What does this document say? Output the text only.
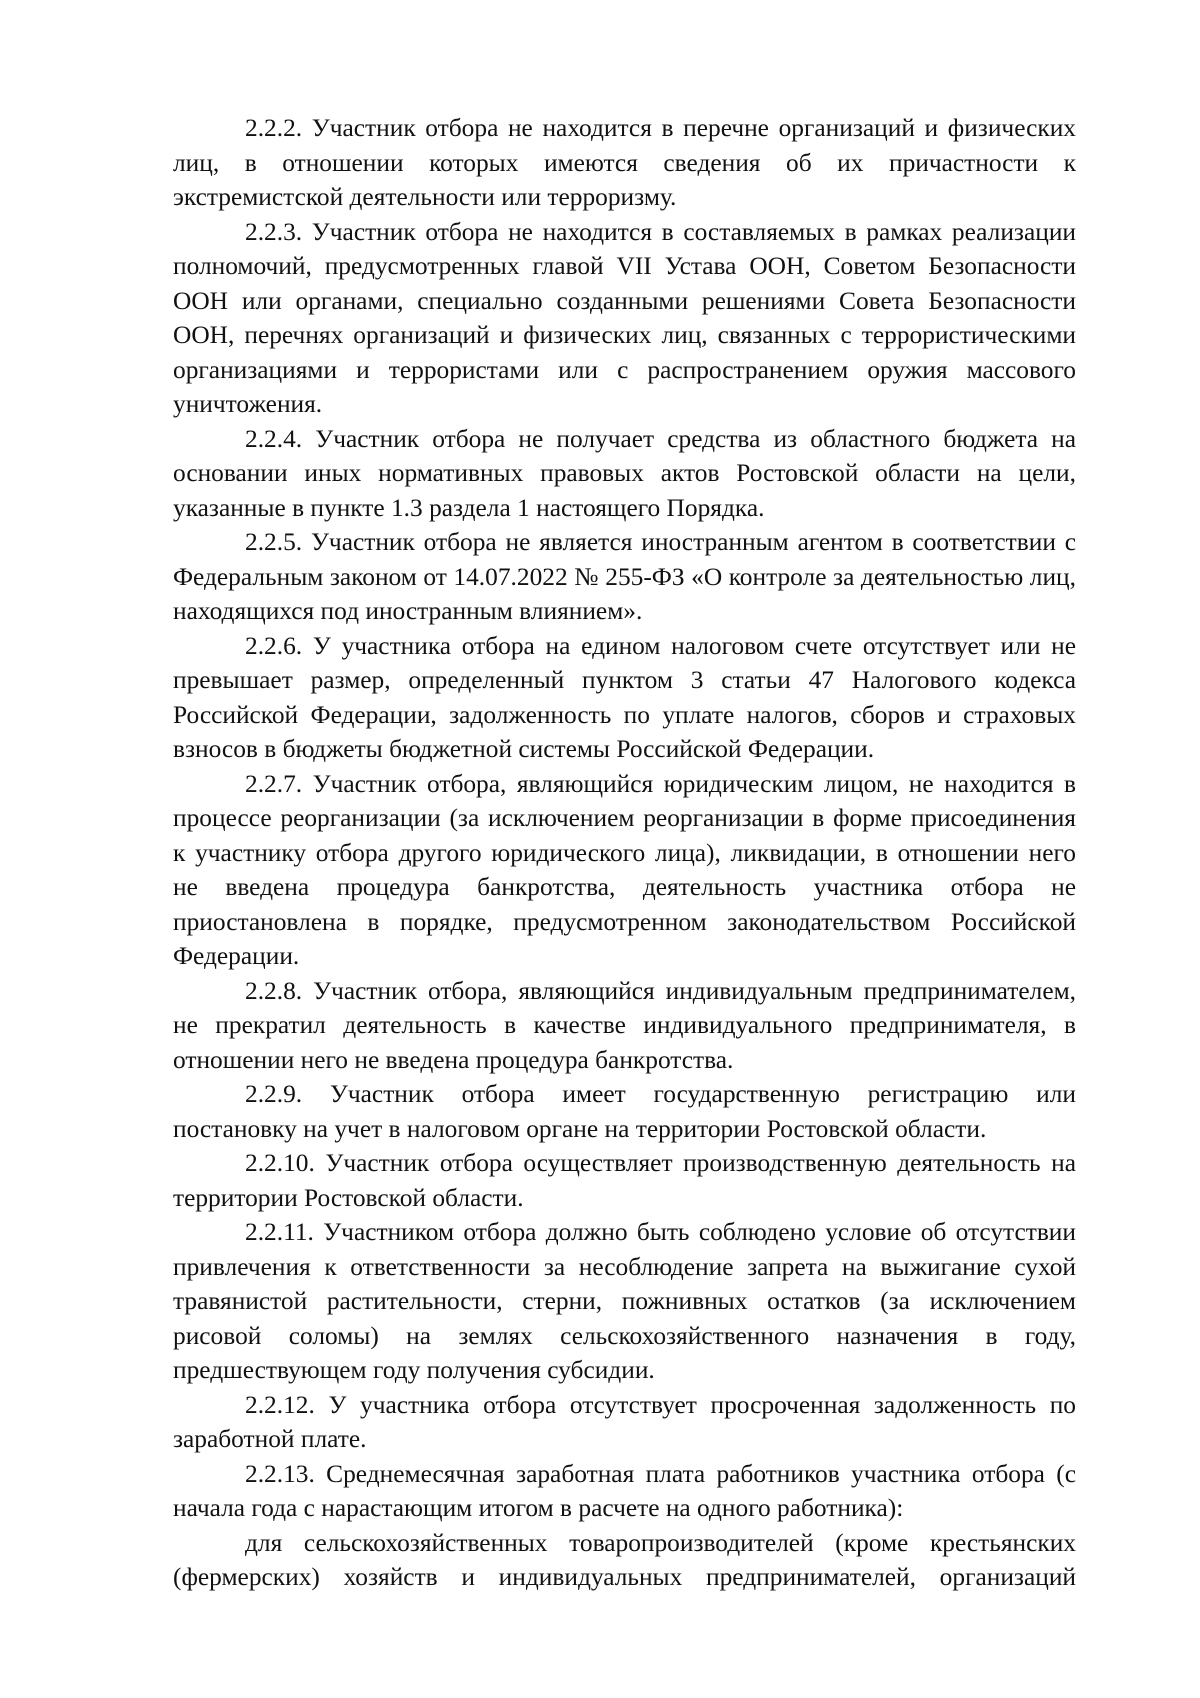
2.2.2. Участник отбора не находится в перечне организаций и физических лиц, в отношении которых имеются сведения об их причастности к экстремистской деятельности или терроризму.

2.2.3. Участник отбора не находится в составляемых в рамках реализации полномочий, предусмотренных главой VII Устава ООН, Советом Безопасности ООН или органами, специально созданными решениями Совета Безопасности ООН, перечнях организаций и физических лиц, связанных с террористическими организациями и террористами или с распространением оружия массового уничтожения.

2.2.4. Участник отбора не получает средства из областного бюджета на основании иных нормативных правовых актов Ростовской области на цели, указанные в пункте 1.3 раздела 1 настоящего Порядка.

2.2.5. Участник отбора не является иностранным агентом в соответствии с Федеральным законом от 14.07.2022 № 255-ФЗ «О контроле за деятельностью лиц, находящихся под иностранным влиянием».

2.2.6. У участника отбора на едином налоговом счете отсутствует или не превышает размер, определенный пунктом 3 статьи 47 Налогового кодекса Российской Федерации, задолженность по уплате налогов, сборов и страховых взносов в бюджеты бюджетной системы Российской Федерации.

2.2.7. Участник отбора, являющийся юридическим лицом, не находится в процессе реорганизации (за исключением реорганизации в форме присоединения к участнику отбора другого юридического лица), ликвидации, в отношении него не введена процедура банкротства, деятельность участника отбора не приостановлена в порядке, предусмотренном законодательством Российской Федерации.

2.2.8. Участник отбора, являющийся индивидуальным предпринимателем, не прекратил деятельность в качестве индивидуального предпринимателя, в отношении него не введена процедура банкротства.

2.2.9. Участник отбора имеет государственную регистрацию или постановку на учет в налоговом органе на территории Ростовской области.

2.2.10. Участник отбора осуществляет производственную деятельность на территории Ростовской области.

2.2.11. Участником отбора должно быть соблюдено условие об отсутствии привлечения к ответственности за несоблюдение запрета на выжигание сухой травянистой растительности, стерни, пожнивных остатков (за исключением рисовой соломы) на землях сельскохозяйственного назначения в году, предшествующем году получения субсидии.

2.2.12. У участника отбора отсутствует просроченная задолженность по заработной плате.

2.2.13. Среднемесячная заработная плата работников участника отбора (с начала года с нарастающим итогом в расчете на одного работника):

для сельскохозяйственных товаропроизводителей (кроме крестьянских (фермерских) хозяйств и индивидуальных предпринимателей, организаций
